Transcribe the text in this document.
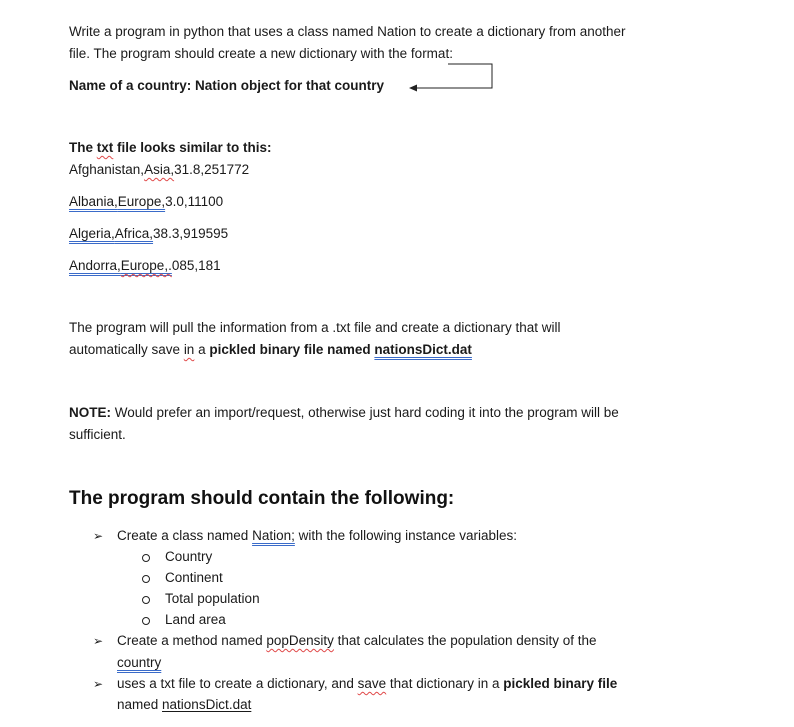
Write a program in python that uses a class named Nation to create a dictionary from another
file. The program should create a new dictionary with the format:
Name of a country: Nation object for that country
The txt file looks similar to this:
Afghanistan,Asia,31.8,251772
Albania,Europe,3.0,11100
Algeria,Africa,38.3,919595
Andorra,Europe,.085,181
The program will pull the information from a .txt file and create a dictionary that will
automatically save in a pickled binary file named nationsDict.dat
NOTE: Would prefer an import/request, otherwise just hard coding it into the program will be
sufficient.
The program should contain the following:
➢ Create a class named Nation; with the following instance variables:
Country
Continent
Total population
Land area
➢ Create a method named popDensity that calculates the population density of the
country
➢ uses a txt file to create a dictionary, and save that dictionary in a pickled binary file
named nationsDict.dat
